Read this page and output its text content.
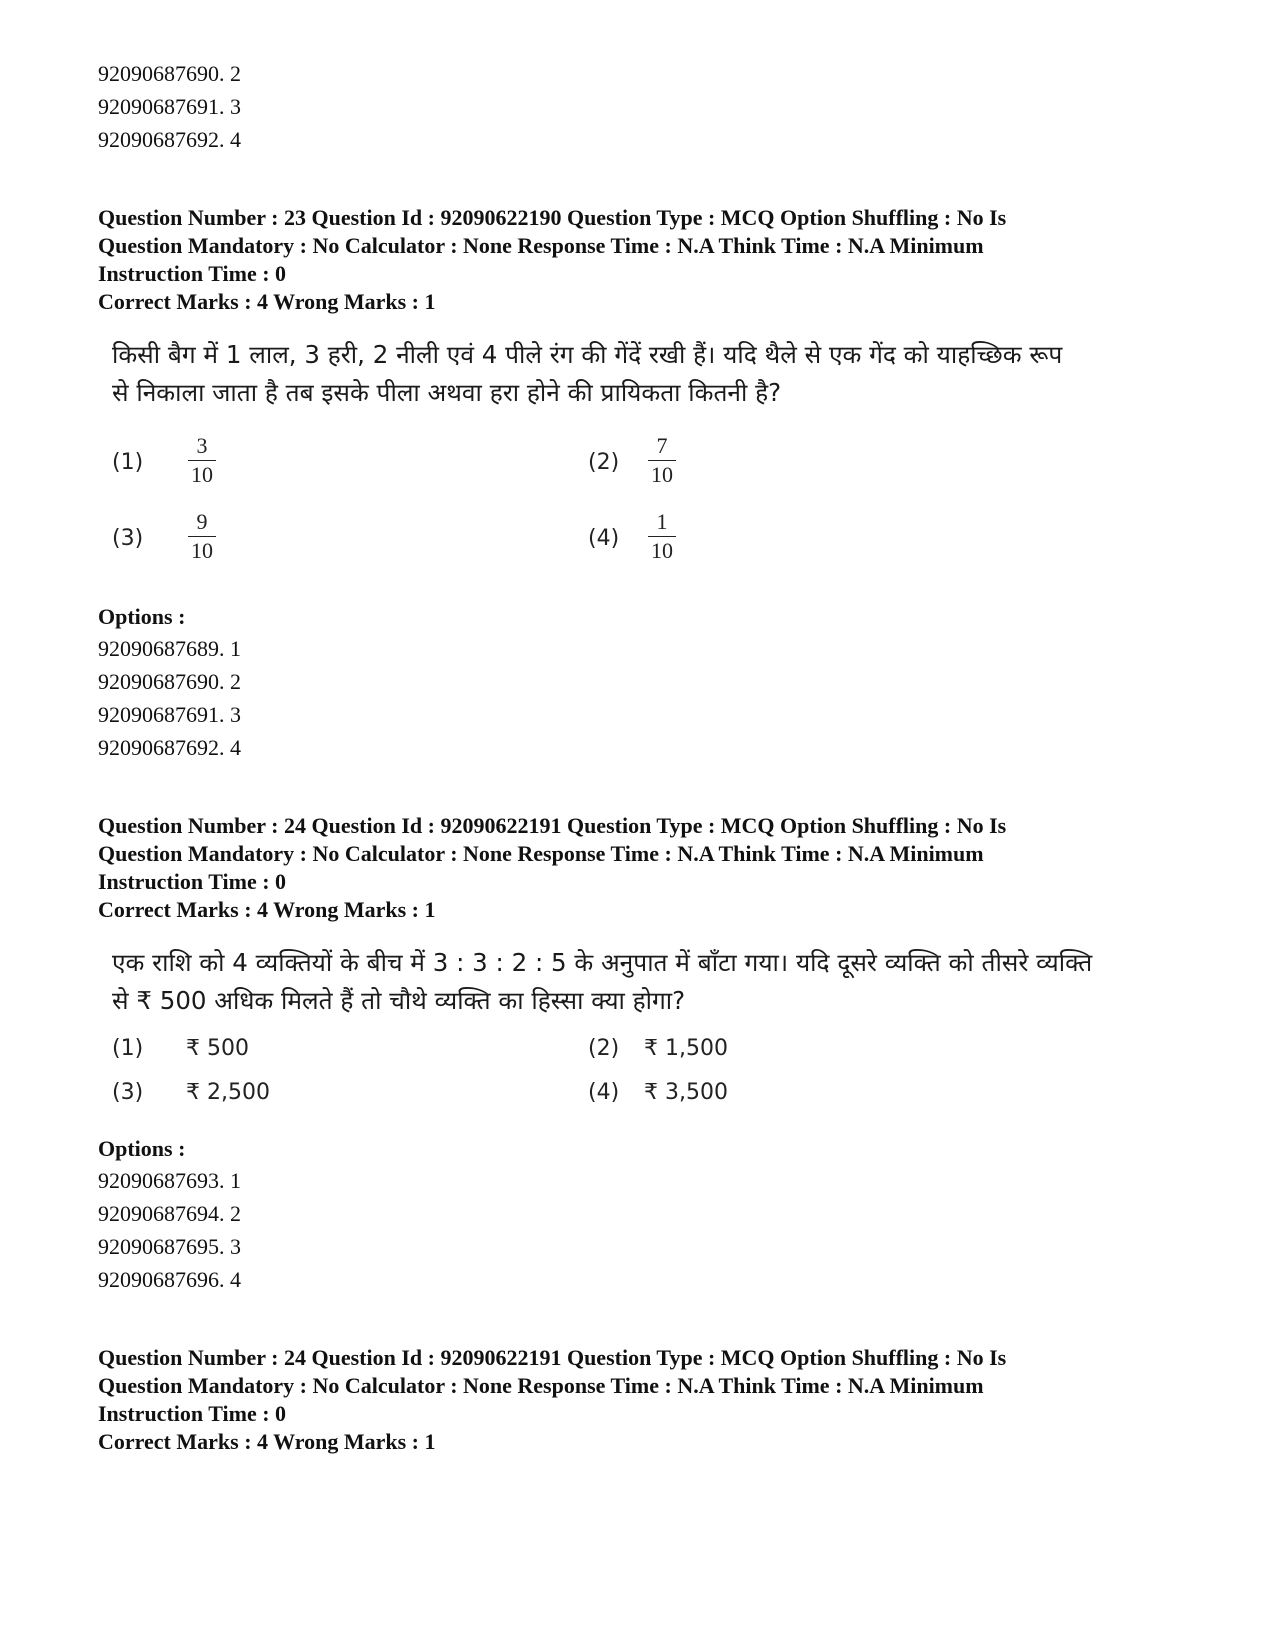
92090687690. 2

92090687691. 3

92090687692. 4

Question Number : 23 Question Id : 92090622190 Question Type : MCQ Option Shuffling : No Is
Question Mandatory : No Calculator : None Response Time : N.A Think Time : N.A Minimum
Instruction Time : 0

Correct Marks : 4 Wrong Marks : 1

किसी बैग में 1 लाल, 3 हरी, 2 नीली एवं 4 पीले रंग की गेंदें रखी हैं। यदि थैले से एक गेंद को याहच्छिक रूप
से निकाला जाता है तब इसके पीला अथवा हरा होने की प्रायिकता कितनी है?
(1)
3
10	(2)
7
10
(3)
9
10	(4)
1
10

Options :

92090687689. 1

92090687690. 2

92090687691. 3

92090687692. 4

Question Number : 24 Question Id : 92090622191 Question Type : MCQ Option Shuffling : No Is
Question Mandatory : No Calculator : None Response Time : N.A Think Time : N.A Minimum
Instruction Time : 0

Correct Marks : 4 Wrong Marks : 1

एक राशि को 4 व्यक्तियों के बीच में 3 : 3 : 2 : 5 के अनुपात में बाँटा गया। यदि दूसरे व्यक्ति को तीसरे व्यक्ति
से ₹ 500 अधिक मिलते हैं तो चौथे व्यक्ति का हिस्सा क्या होगा?
(1) ₹ 500	(2) ₹ 1,500
(3) ₹ 2,500	(4) ₹ 3,500

Options :

92090687693. 1

92090687694. 2

92090687695. 3

92090687696. 4

Question Number : 24 Question Id : 92090622191 Question Type : MCQ Option Shuffling : No Is
Question Mandatory : No Calculator : None Response Time : N.A Think Time : N.A Minimum
Instruction Time : 0

Correct Marks : 4 Wrong Marks : 1
